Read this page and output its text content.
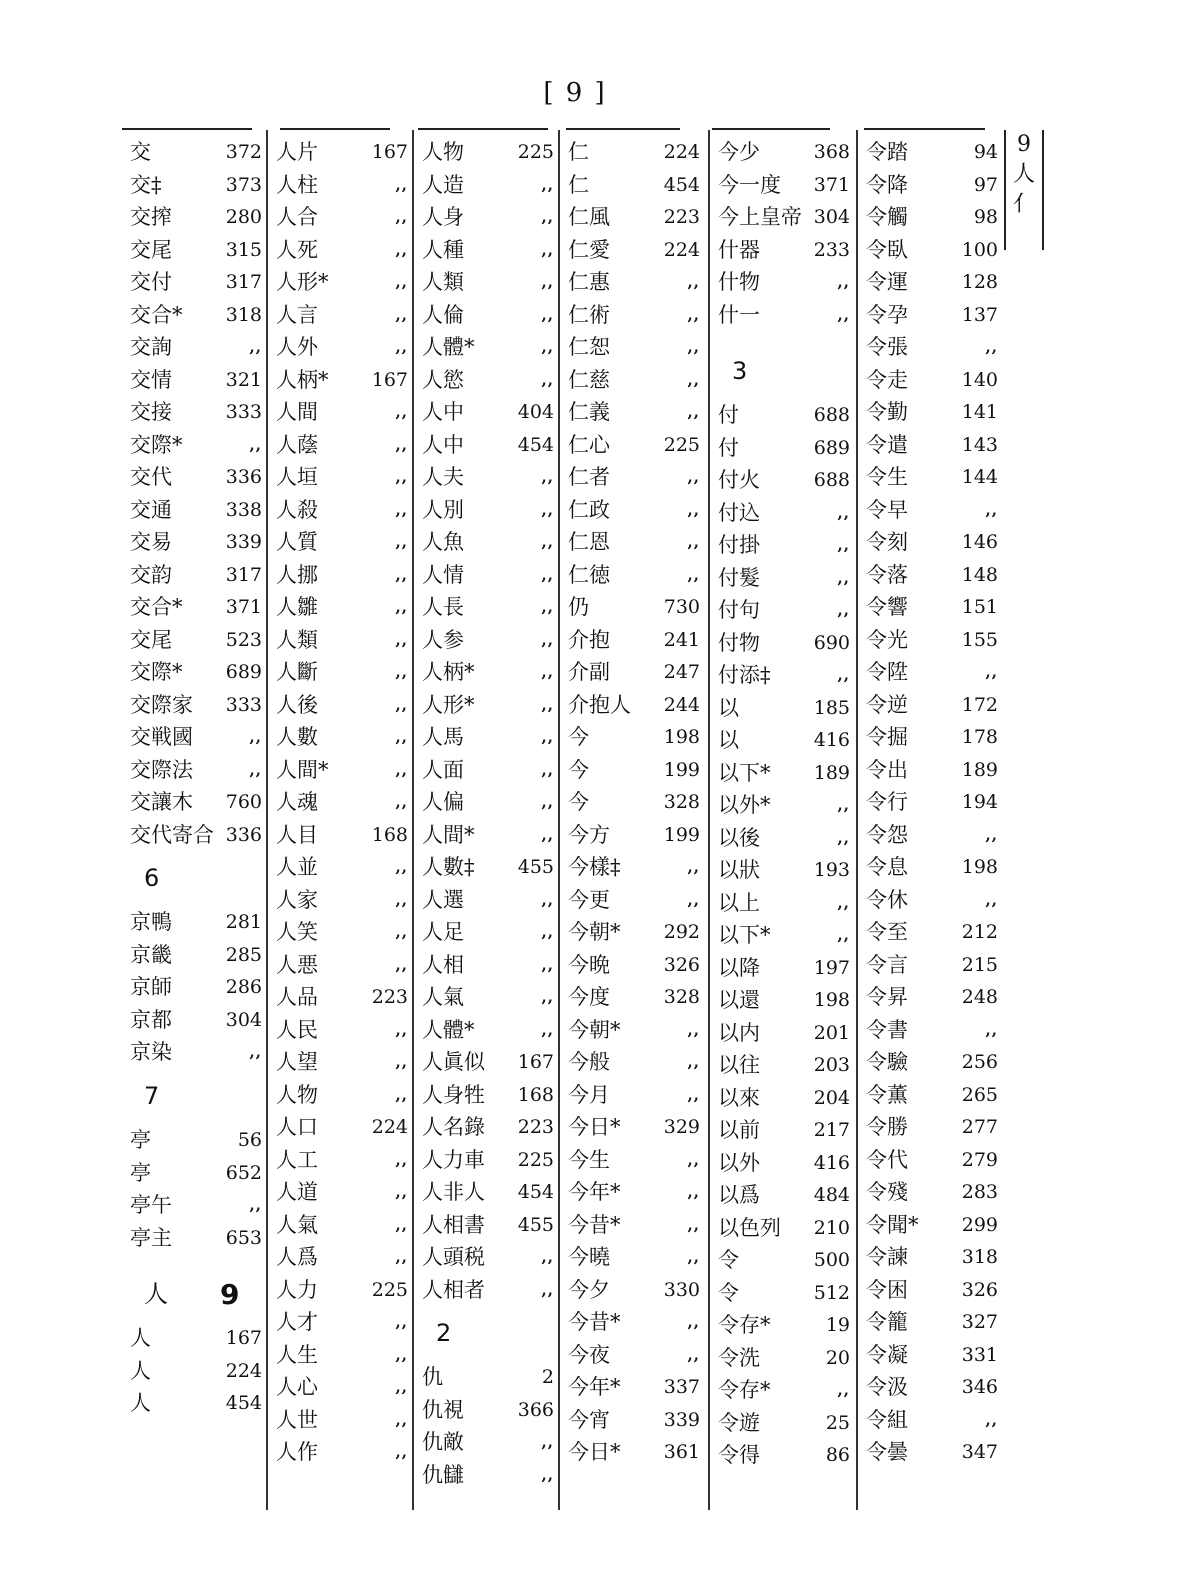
[ 9 ]
交	372
交‡	373
交搾	280
交尾	315
交付	317
交合* 318
交詢	,,
交情	321
交接	333
交際*	,,
交代	336
交通	338
交易	339
交韵	317
交合* 371
交尾	523
交際* 689
交際家 333
交戦國	,,
交際法	,,
交讓木 760
交代寄合 336
6
京鴨	281
京畿	285
京師	286
京都	304
京染	,,
7
亭	56
亭	652
亭午	,,
亭主	653
人 9
人	167
人	224
人	454
人片	167
人柱	,,
人合	,,
人死	,,
人形*	,,
人言	,,
人外	,,
人柄* 167
人間	,,
人蔭	,,
人垣	,,
人殺	,,
人質	,,
人挪	,,
人雛	,,
人類	,,
人斷	,,
人後	,,
人數	,,
人間*	,,
人魂	,,
人目	168
人並	,,
人家	,,
人笑	,,
人悪	,,
人品	223
人民	,,
人望	,,
人物	,,
人口	224
人工	,,
人道	,,
人氣	,,
人爲	,,
人力	225
人才	,,
人生	,,
人心	,,
人世	,,
人作	,,
人物	225
人造	,,
人身	,,
人種	,,
人類	,,
人倫	,,
人體*	,,
人慾	,,
人中	404
人中	454
人夫	,,
人別	,,
人魚	,,
人情	,,
人長	,,
人参	,,
人柄*	,,
人形*	,,
人馬	,,
人面	,,
人偏	,,
人間*	,,
人數‡ 455
人選	,,
人足	,,
人相	,,
人氣	,,
人體*	,,
人眞似 167
人身牲 168
人名錄 223
人力車 225
人非人 454
人相書 455
人頭税	,,
人相者	,,
2
仇	2
仇視	366
仇敵	,,
仇讎	,,
仁	224
仁	454
仁風	223
仁愛	224
仁惠	,,
仁術	,,
仁恕	,,
仁慈	,,
仁義	,,
仁心	225
仁者	,,
仁政	,,
仁恩	,,
仁徳	,,
仍	730
介抱	241
介副	247
介抱人 244
今	198
今	199
今	328
今方	199
今樣‡	,,
今更	,,
今朝* 292
今晩	326
今度	328
今朝*	,,
今般	,,
今月	,,
今日* 329
今生	,,
今年*	,,
今昔*	,,
今曉	,,
今夕	330
今昔*	,,
今夜	,,
今年* 337
今宵	339
今日* 361
今少	368
今一度 371
今上皇帝 304
什器	233
什物	,,
什一	,,
3
付	688
付	689
付火	688
付込	,,
付掛	,,
付髮	,,
付句	,,
付物	690
付添‡	,,
以	185
以	416
以下* 189
以外*	,,
以後	,,
以狀	193
以上	,,
以下*	,,
以降	197
以還	198
以内	201
以往	203
以來	204
以前	217
以外	416
以爲	484
以色列 210
令	500
令	512
令存*	19
令洗	20
令存*	,,
令遊	25
令得	86
令踏	94
令降	97
令觸	98
令臥	100
令運	128
令孕	137
令張	,,
令走	140
令勤	141
令遣	143
令生	144
令早	,,
令刻	146
令落	148
令響	151
令光	155
令陞	,,
令逆	172
令掘	178
令出	189
令行	194
令怨	,,
令息	198
令休	,,
令至	212
令言	215
令昇	248
令書	,,
令驗	256
令薫	265
令勝	277
令代	279
令殘	283
令聞* 299
令諫	318
令困	326
令籠	327
令凝	331
令汲	346
令組	,,
令曇	347
9
人
亻
